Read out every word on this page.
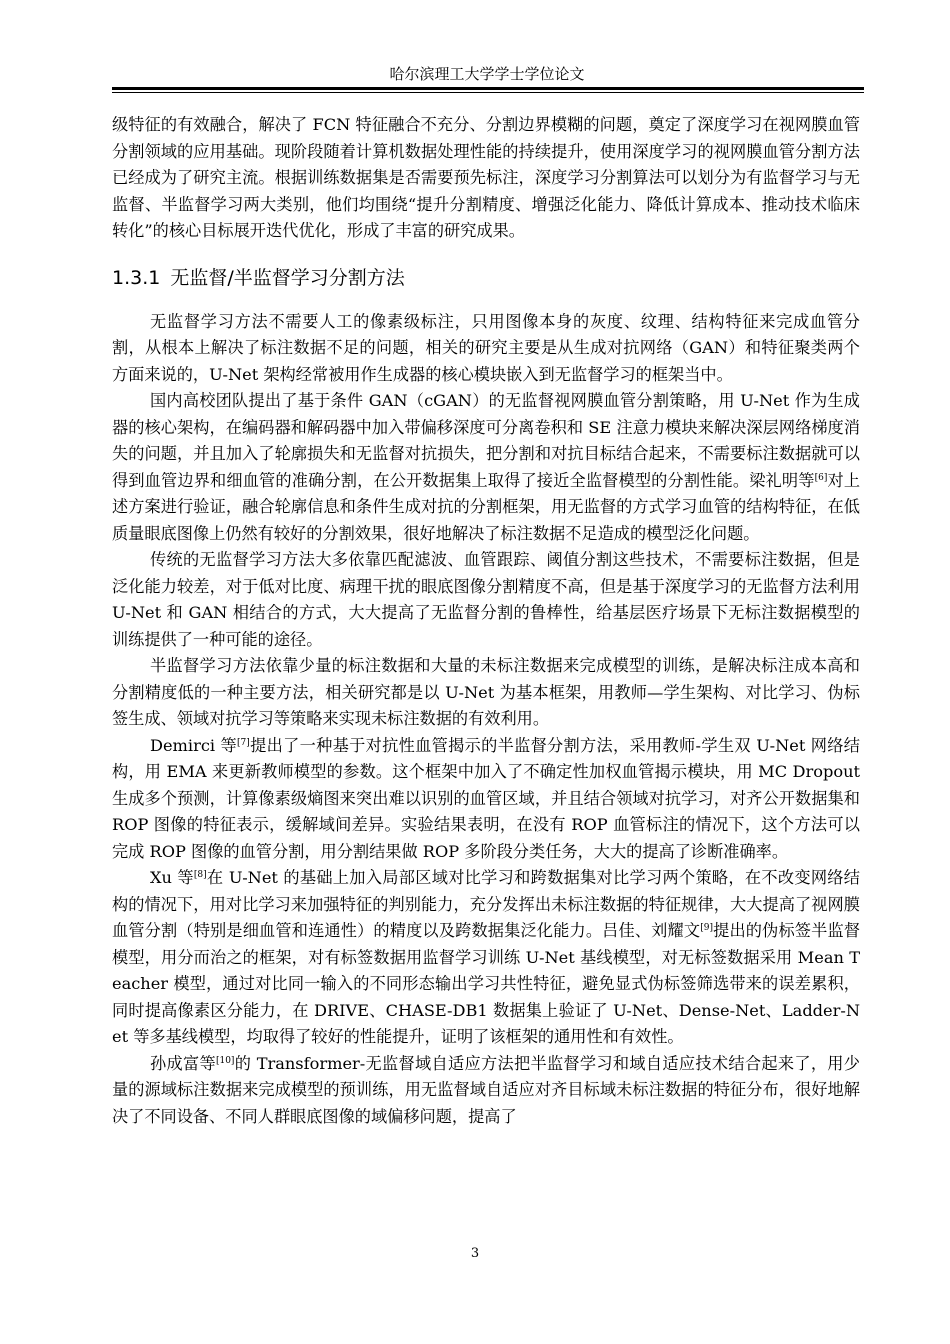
哈尔滨理工大学学士学位论文

级特征的有效融合，解决了 FCN 特征融合不充分、分割边界模糊的问题，奠定了深度学习在视网膜血管分割领域的应用基础。现阶段随着计算机数据处理性能的持续提升，使用深度学习的视网膜血管分割方法已经成为了研究主流。根据训练数据集是否需要预先标注，深度学习分割算法可以划分为有监督学习与无监督、半监督学习两大类别，他们均围绕“提升分割精度、增强泛化能力、降低计算成本、推动技术临床转化”的核心目标展开迭代优化，形成了丰富的研究成果。

1.3.1 无监督/半监督学习分割方法

无监督学习方法不需要人工的像素级标注，只用图像本身的灰度、纹理、结构特征来完成血管分割，从根本上解决了标注数据不足的问题，相关的研究主要是从生成对抗网络（GAN）和特征聚类两个方面来说的，U-Net 架构经常被用作生成器的核心模块嵌入到无监督学习的框架当中。

国内高校团队提出了基于条件 GAN（cGAN）的无监督视网膜血管分割策略，用 U-Net 作为生成器的核心架构，在编码器和解码器中加入带偏移深度可分离卷积和 SE 注意力模块来解决深层网络梯度消失的问题，并且加入了轮廓损失和无监督对抗损失，把分割和对抗目标结合起来，不需要标注数据就可以得到血管边界和细血管的准确分割，在公开数据集上取得了接近全监督模型的分割性能。梁礼明等[6]对上述方案进行验证，融合轮廓信息和条件生成对抗的分割框架，用无监督的方式学习血管的结构特征，在低质量眼底图像上仍然有较好的分割效果，很好地解决了标注数据不足造成的模型泛化问题。

传统的无监督学习方法大多依靠匹配滤波、血管跟踪、阈值分割这些技术，不需要标注数据，但是泛化能力较差，对于低对比度、病理干扰的眼底图像分割精度不高，但是基于深度学习的无监督方法利用 U-Net 和 GAN 相结合的方式，大大提高了无监督分割的鲁棒性，给基层医疗场景下无标注数据模型的训练提供了一种可能的途径。

半监督学习方法依靠少量的标注数据和大量的未标注数据来完成模型的训练，是解决标注成本高和分割精度低的一种主要方法，相关研究都是以 U-Net 为基本框架，用教师—学生架构、对比学习、伪标签生成、领域对抗学习等策略来实现未标注数据的有效利用。

Demirci 等[7]提出了一种基于对抗性血管揭示的半监督分割方法，采用教师-学生双 U-Net 网络结构，用 EMA 来更新教师模型的参数。这个框架中加入了不确定性加权血管揭示模块，用 MC Dropout 生成多个预测，计算像素级熵图来突出难以识别的血管区域，并且结合领域对抗学习，对齐公开数据集和 ROP 图像的特征表示，缓解域间差异。实验结果表明，在没有 ROP 血管标注的情况下，这个方法可以完成 ROP 图像的血管分割，用分割结果做 ROP 多阶段分类任务，大大的提高了诊断准确率。

Xu 等[8]在 U-Net 的基础上加入局部区域对比学习和跨数据集对比学习两个策略，在不改变网络结构的情况下，用对比学习来加强特征的判别能力，充分发挥出未标注数据的特征规律，大大提高了视网膜血管分割（特别是细血管和连通性）的精度以及跨数据集泛化能力。吕佳、刘耀文[9]提出的伪标签半监督模型，用分而治之的框架，对有标签数据用监督学习训练 U-Net 基线模型，对无标签数据采用 Mean Teacher 模型，通过对比同一输入的不同形态输出学习共性特征，避免显式伪标签筛选带来的误差累积，同时提高像素区分能力，在 DRIVE、CHASE-DB1 数据集上验证了 U-Net、Dense-Net、Ladder-Net 等多基线模型，均取得了较好的性能提升，证明了该框架的通用性和有效性。

孙成富等[10]的 Transformer-无监督域自适应方法把半监督学习和域自适应技术结合起来了，用少量的源域标注数据来完成模型的预训练，用无监督域自适应对齐目标域未标注数据的特征分布，很好地解决了不同设备、不同人群眼底图像的域偏移问题，提高了

3
